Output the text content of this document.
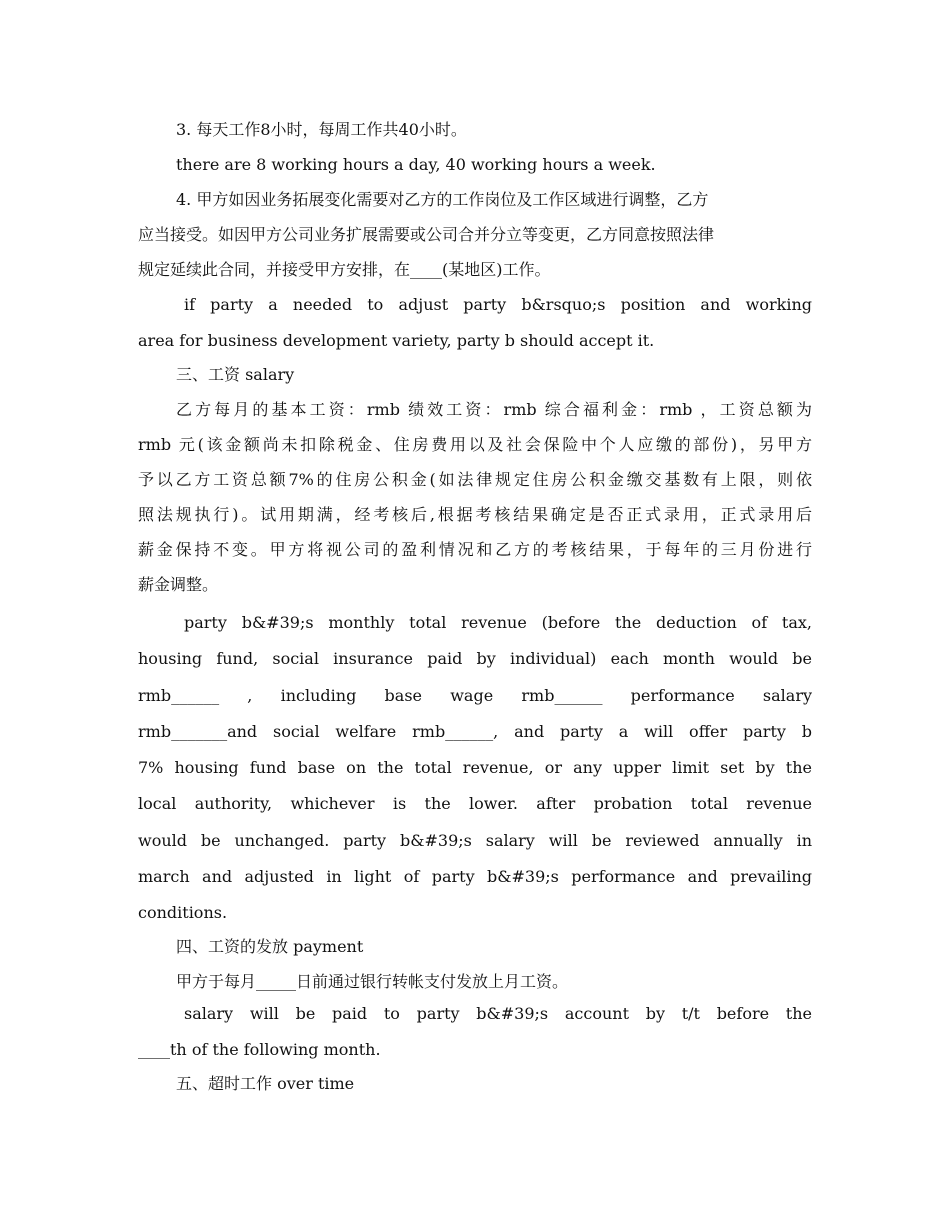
3. 每天工作8小时，每周工作共40小时。

there are 8 working hours a day, 40 working hours a week.

4. 甲方如因业务拓展变化需要对乙方的工作岗位及工作区域进行调整，乙方

应当接受。如因甲方公司业务扩展需要或公司合并分立等变更，乙方同意按照法律

规定延续此合同，并接受甲方安排，在____(某地区)工作。

if party a needed to adjust party b&rsquo;s position and working

area for business development variety, party b should accept it.

三、工资 salary

乙方每月的基本工资：rmb 绩效工资：rmb 综合福利金：rmb ，工资总额为

rmb 元(该金额尚未扣除税金、住房费用以及社会保险中个人应缴的部份)，另甲方

予以乙方工资总额7%的住房公积金(如法律规定住房公积金缴交基数有上限，则依

照法规执行)。试用期满，经考核后,根据考核结果确定是否正式录用，正式录用后

薪金保持不变。甲方将视公司的盈利情况和乙方的考核结果，于每年的三月份进行

薪金调整。

party b&#39;s monthly total revenue (before the deduction of tax,

housing fund, social insurance paid by individual) each month would be

rmb______ , including base wage rmb______ performance salary

rmb_______and social welfare rmb______, and party a will offer party b

7% housing fund base on the total revenue, or any upper limit set by the

local authority, whichever is the lower. after probation total revenue

would be unchanged. party b&#39;s salary will be reviewed annually in

march and adjusted in light of party b&#39;s performance and prevailing

conditions.

四、工资的发放 payment

甲方于每月_____日前通过银行转帐支付发放上月工资。

salary will be paid to party b&#39;s account by t/t before the

____th of the following month.

五、超时工作 over time
